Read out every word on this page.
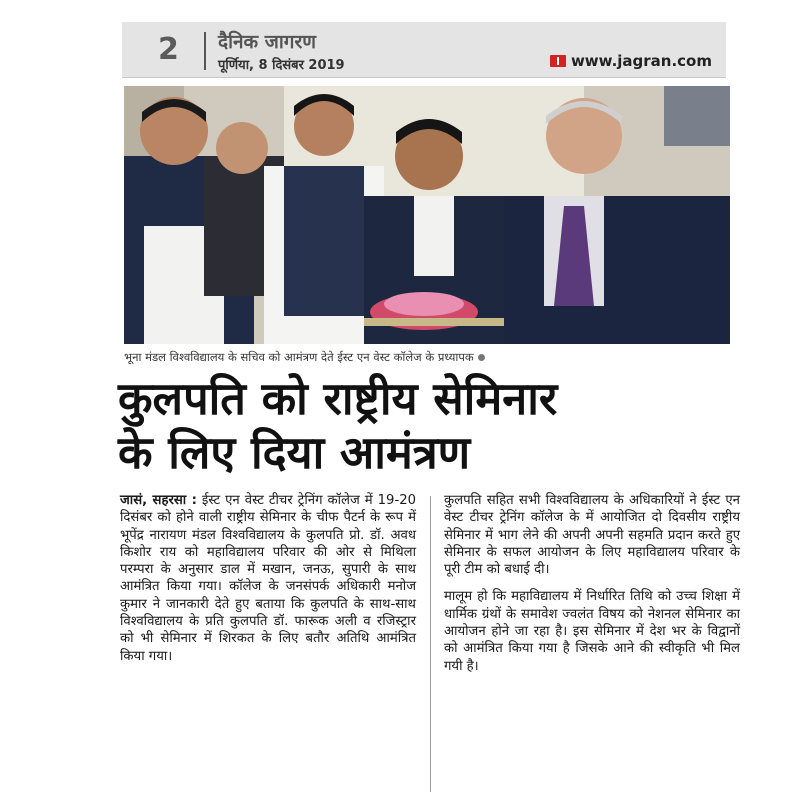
2 दैनिक जागरण
पूर्णिया, 8 दिसंबर 2019	www.jagran.com
भूना मंडल विश्वविद्यालय के सचिव को आमंत्रण देते ईस्ट एन वेस्ट कॉलेज के प्रध्यापक
कुलपति को राष्ट्रीय सेमिनार
के लिए दिया आमंत्रण

जासं, सहरसा : ईस्ट एन वेस्ट टीचर ट्रेनिंग कॉलेज में 19-20 दिसंबर को होने वाली राष्ट्रीय सेमिनार के चीफ पैटर्न के रूप में भूपेंद्र नारायण मंडल विश्वविद्यालय के कुलपति प्रो. डॉ. अवध किशोर राय को महाविद्यालय परिवार की ओर से मिथिला परम्परा के अनुसार डाल में मखान, जनऊ, सुपारी के साथ आमंत्रित किया गया। कॉलेज के जनसंपर्क अधिकारी मनोज कुमार ने जानकारी देते हुए बताया कि कुलपति के साथ-साथ विश्वविद्यालय के प्रति कुलपति डॉ. फारूक अली व रजिस्ट्रार को भी सेमिनार में शिरकत के लिए बतौर अतिथि आमंत्रित किया गया।

कुलपति सहित सभी विश्वविद्यालय के अधिकारियों ने ईस्ट एन वेस्ट टीचर ट्रेनिंग कॉलेज के में आयोजित दो दिवसीय राष्ट्रीय सेमिनार में भाग लेने की अपनी अपनी सहमति प्रदान करते हुए सेमिनार के सफल आयोजन के लिए महाविद्यालय परिवार के पूरी टीम को बधाई दी।

मालूम हो कि महाविद्यालय में निर्धारित तिथि को उच्च शिक्षा में धार्मिक ग्रंथों के समावेश ज्वलंत विषय को नेशनल सेमिनार का आयोजन होने जा रहा है। इस सेमिनार में देश भर के विद्वानों को आमंत्रित किया गया है जिसके आने की स्वीकृति भी मिल गयी है।
